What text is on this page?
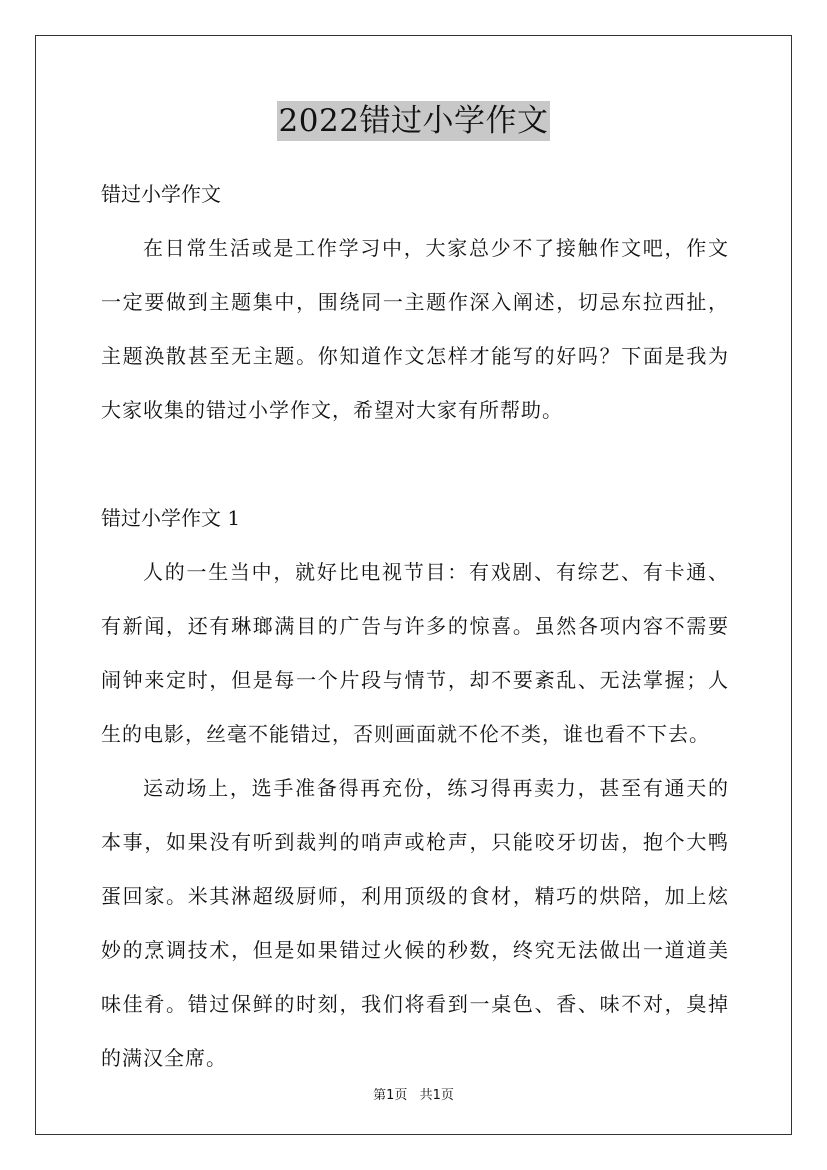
2022错过小学作文

错过小学作文

在日常生活或是工作学习中，大家总少不了接触作文吧，作文一定要做到主题集中，围绕同一主题作深入阐述，切忌东拉西扯，主题涣散甚至无主题。你知道作文怎样才能写的好吗？下面是我为大家收集的错过小学作文，希望对大家有所帮助。

错过小学作文 1

人的一生当中，就好比电视节目：有戏剧、有综艺、有卡通、有新闻，还有琳瑯满目的广告与许多的惊喜。虽然各项内容不需要闹钟来定时，但是每一个片段与情节，却不要紊乱、无法掌握；人生的电影，丝毫不能错过，否则画面就不伦不类，谁也看不下去。

运动场上，选手准备得再充份，练习得再卖力，甚至有通天的本事，如果没有听到裁判的哨声或枪声，只能咬牙切齿，抱个大鸭蛋回家。米其淋超级厨师，利用顶级的食材，精巧的烘陪，加上炫妙的烹调技术，但是如果错过火候的秒数，终究无法做出一道道美味佳肴。错过保鲜的时刻，我们将看到一桌色、香、味不对，臭掉的满汉全席。

第1页 共1页
